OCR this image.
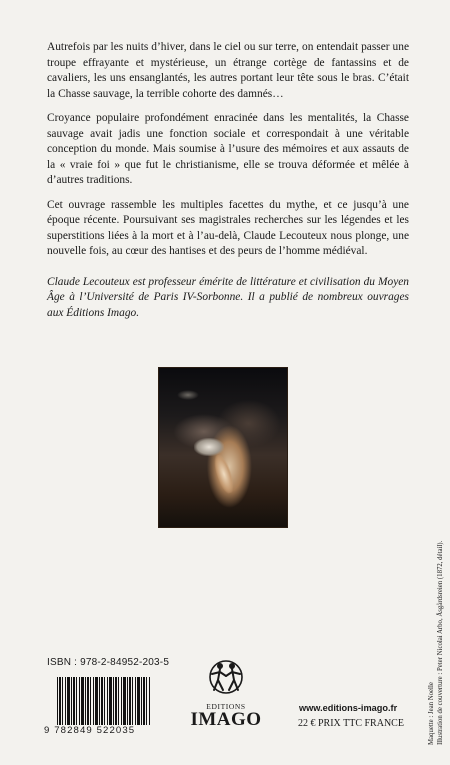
Autrefois par les nuits d’hiver, dans le ciel ou sur terre, on entendait passer une troupe effrayante et mystérieuse, un étrange cortège de fantassins et de cavaliers, les uns ensanglantés, les autres portant leur tête sous le bras. C’était la Chasse sauvage, la terrible cohorte des damnés…

Croyance populaire profondément enracinée dans les mentalités, la Chasse sauvage avait jadis une fonction sociale et correspondait à une véritable conception du monde. Mais soumise à l’usure des mémoires et aux assauts de la « vraie foi » que fut le christianisme, elle se trouva déformée et mêlée à d’autres traditions.

Cet ouvrage rassemble les multiples facettes du mythe, et ce jusqu’à une époque récente. Poursuivant ses magistrales recherches sur les légendes et les superstitions liées à la mort et à l’au-delà, Claude Lecouteux nous plonge, une nouvelle fois, au cœur des hantises et des peurs de l’homme médiéval.

Claude Lecouteux est professeur émérite de littérature et civilisation du Moyen Âge à l’Université de Paris IV-Sorbonne. Il a publié de nombreux ouvrages aux Éditions Imago.

Maquette : Jean Noelle Illustration de couverture : Peter Nicolai Arbo, Åsgårdsreien (1872, détail).
ISBN : 978-2-84952-203-5
9 782849 522035
EDITIONS
IMAGO
www.editions-imago.fr
22 € PRIX TTC FRANCE
